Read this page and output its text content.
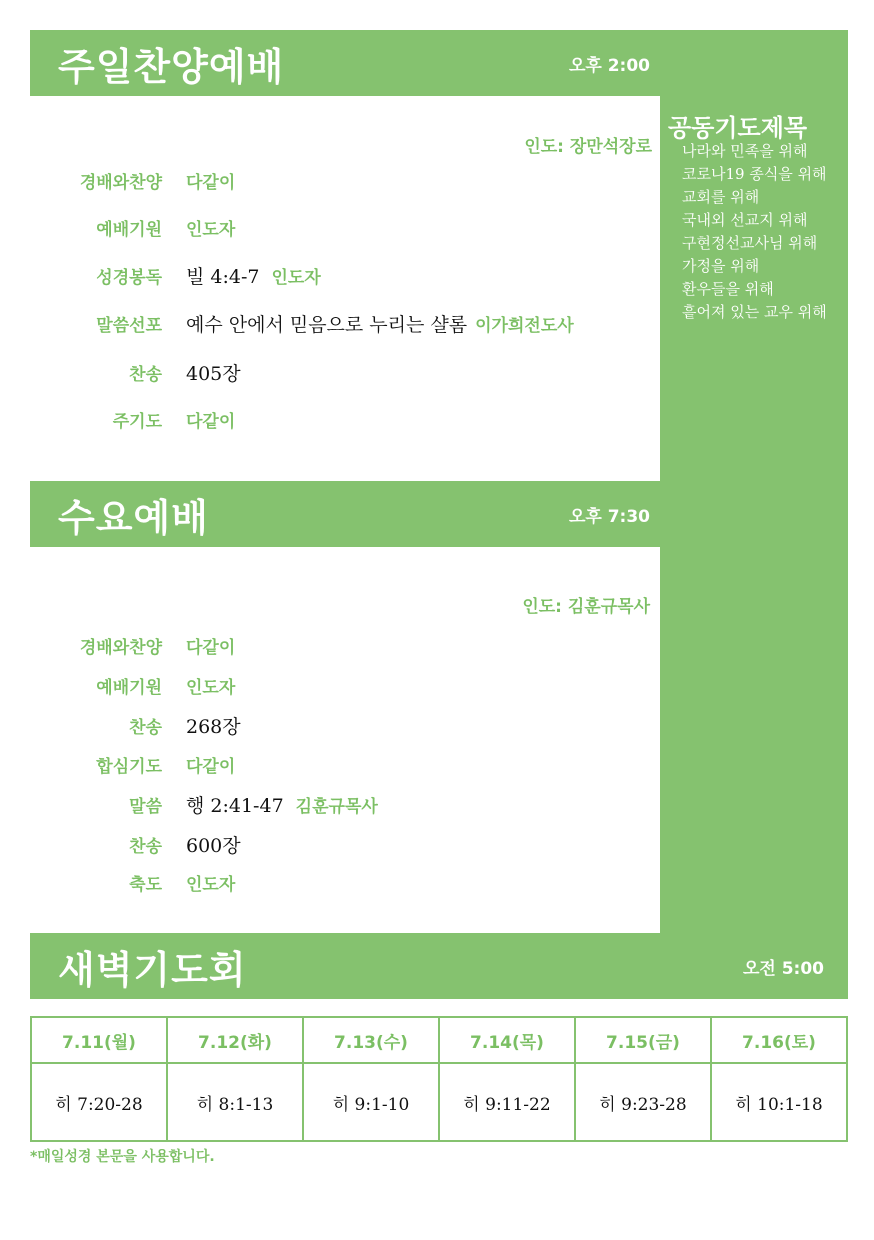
공동기도제목
나라와 민족을 위해
코로나19 종식을 위해
교회를 위해
국내외 선교지 위해
구현정선교사님 위해
가정을 위해
환우들을 위해
흩어져 있는 교우 위해
주일찬양예배	오후 2:00
인도: 장만석장로
경배와찬양 다같이
예배기원 인도자
성경봉독 빌 4:4-7 인도자
말씀선포 예수 안에서 믿음으로 누리는 샬롬 이가희전도사
찬송 405장
주기도 다같이
수요예배	오후 7:30
인도: 김훈규목사
경배와찬양 다같이
예배기원 인도자
찬송 268장
합심기도 다같이
말씀 행 2:41-47 김훈규목사
찬송 600장
축도 인도자
새벽기도회	오전 5:00
7.11(월)	7.12(화)	7.13(수)	7.14(목)	7.15(금)	7.16(토)
히 7:20-28	히 8:1-13	히 9:1-10	히 9:11-22	히 9:23-28	히 10:1-18
*매일성경 본문을 사용합니다.
